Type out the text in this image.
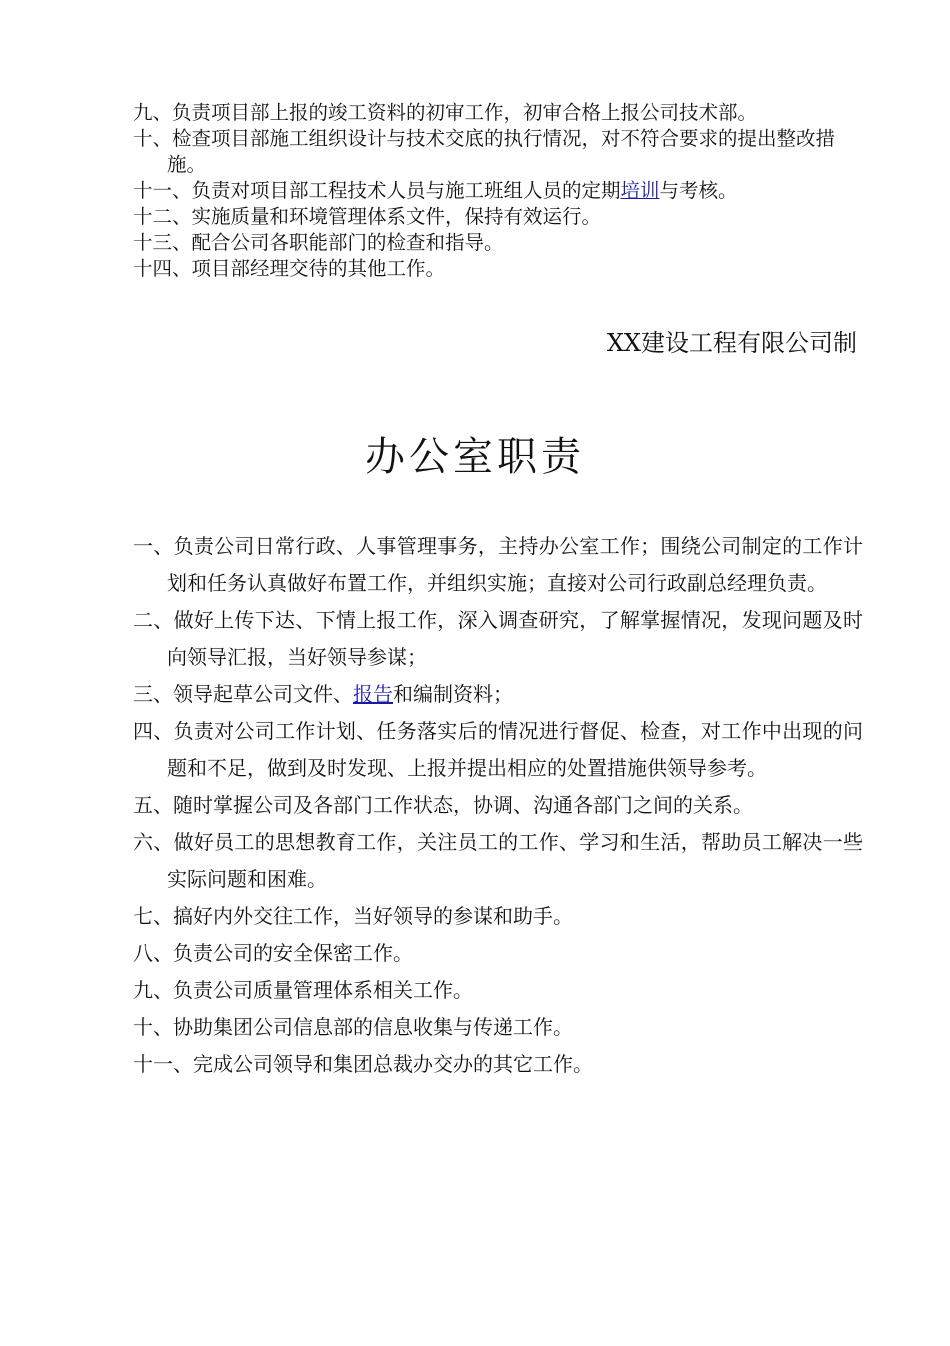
九、负责项目部上报的竣工资料的初审工作，初审合格上报公司技术部。

十、检查项目部施工组织设计与技术交底的执行情况，对不符合要求的提出整改措施。

十一、负责对项目部工程技术人员与施工班组人员的定期培训与考核。

十二、实施质量和环境管理体系文件，保持有效运行。

十三、配合公司各职能部门的检查和指导。

十四、项目部经理交待的其他工作。

XX建设工程有限公司制

办公室职责

一、负责公司日常行政、人事管理事务，主持办公室工作；围绕公司制定的工作计划和任务认真做好布置工作，并组织实施；直接对公司行政副总经理负责。

二、做好上传下达、下情上报工作，深入调查研究，了解掌握情况，发现问题及时向领导汇报，当好领导参谋；

三、领导起草公司文件、报告和编制资料；

四、负责对公司工作计划、任务落实后的情况进行督促、检查，对工作中出现的问题和不足，做到及时发现、上报并提出相应的处置措施供领导参考。

五、随时掌握公司及各部门工作状态，协调、沟通各部门之间的关系。

六、做好员工的思想教育工作，关注员工的工作、学习和生活，帮助员工解决一些实际问题和困难。

七、搞好内外交往工作，当好领导的参谋和助手。

八、负责公司的安全保密工作。

九、负责公司质量管理体系相关工作。

十、协助集团公司信息部的信息收集与传递工作。

十一、完成公司领导和集团总裁办交办的其它工作。
